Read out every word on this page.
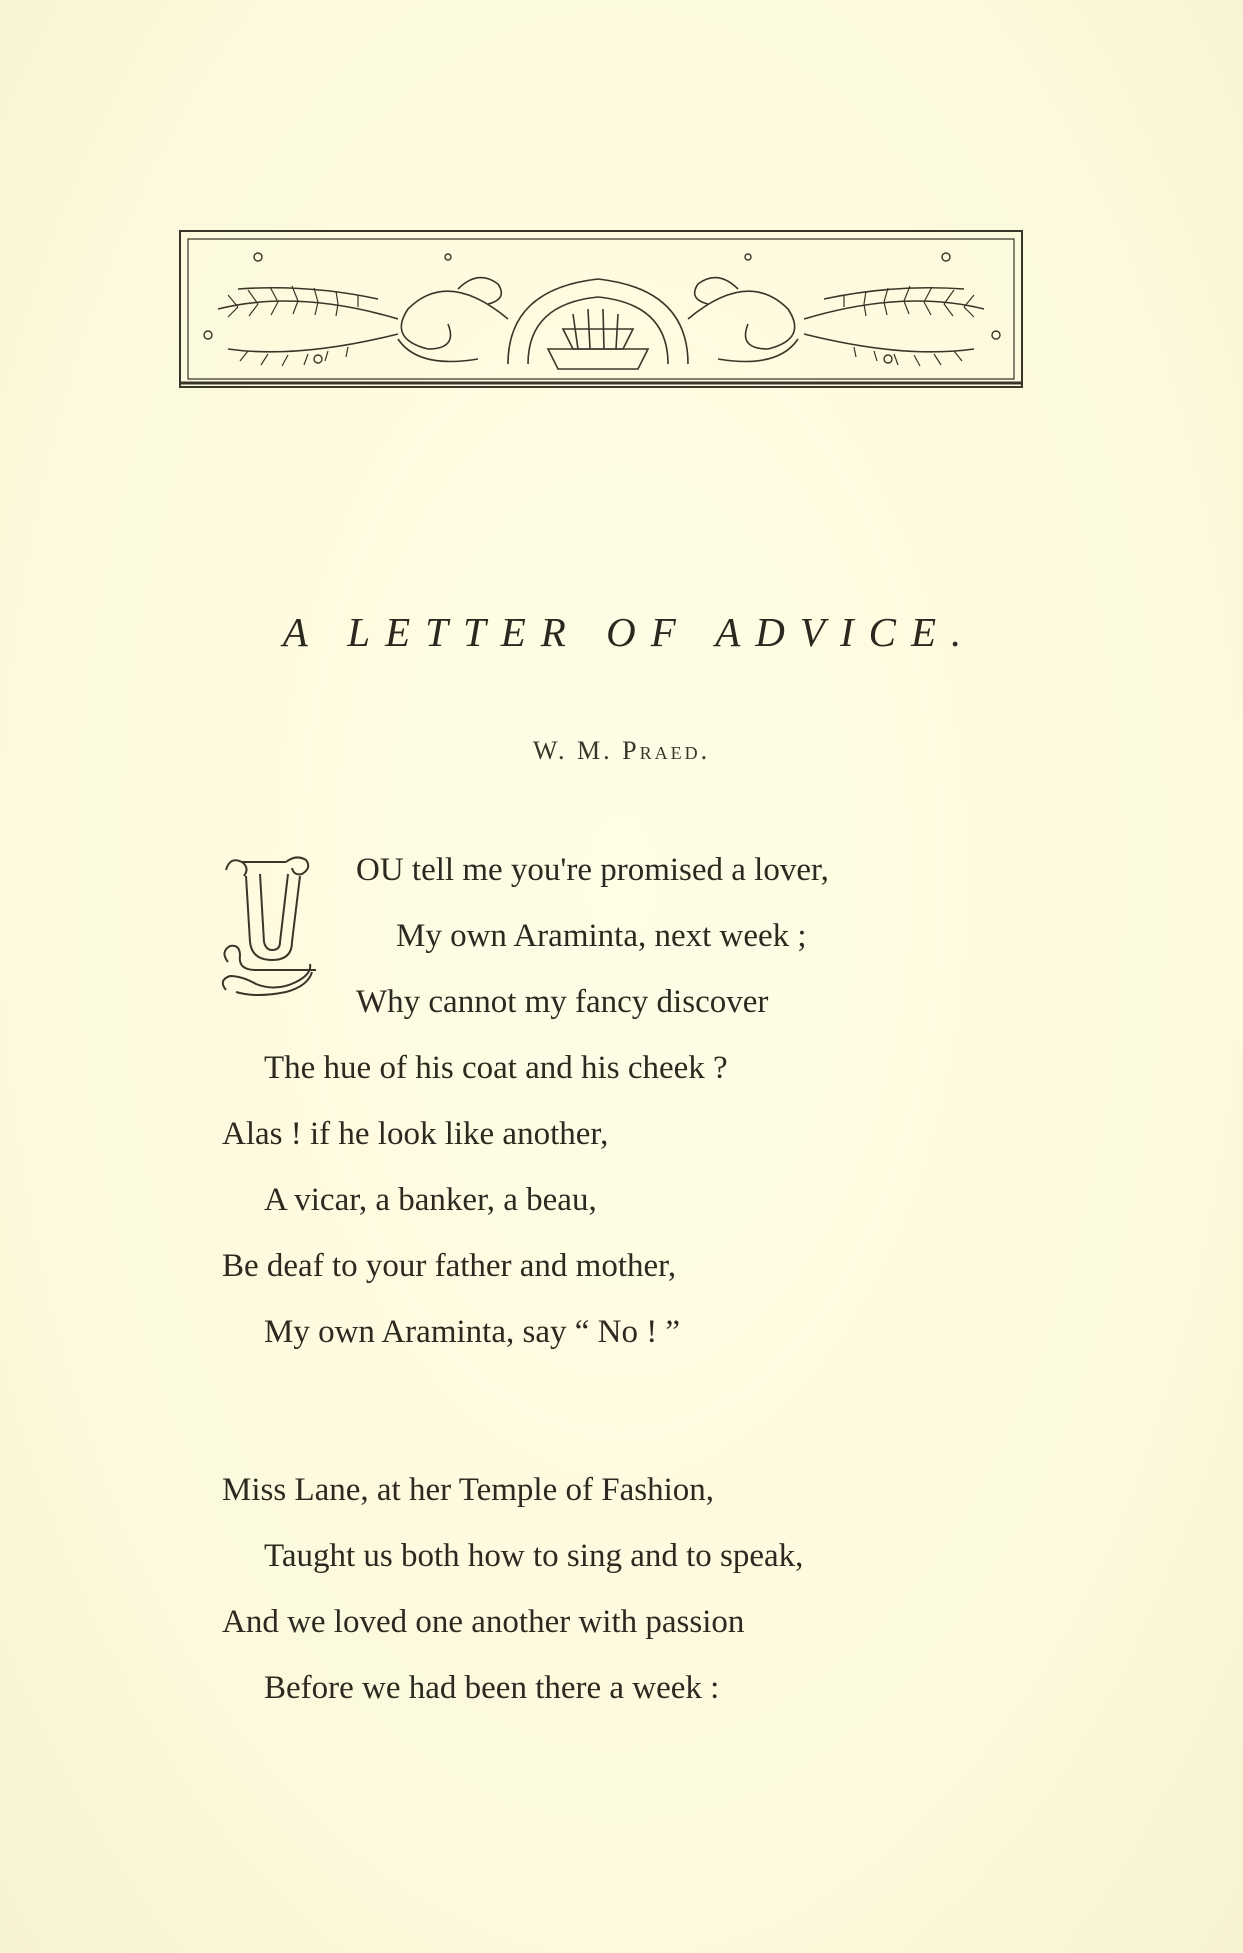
A LETTER OF ADVICE.
W. M. Praed.
OU tell me you're promised a lover,
My own Araminta, next week ;
Why cannot my fancy discover
The hue of his coat and his cheek ?
Alas ! if he look like another,
A vicar, a banker, a beau,
Be deaf to your father and mother,
My own Araminta, say “ No ! ”
Miss Lane, at her Temple of Fashion,
Taught us both how to sing and to speak,
And we loved one another with passion
Before we had been there a week :
